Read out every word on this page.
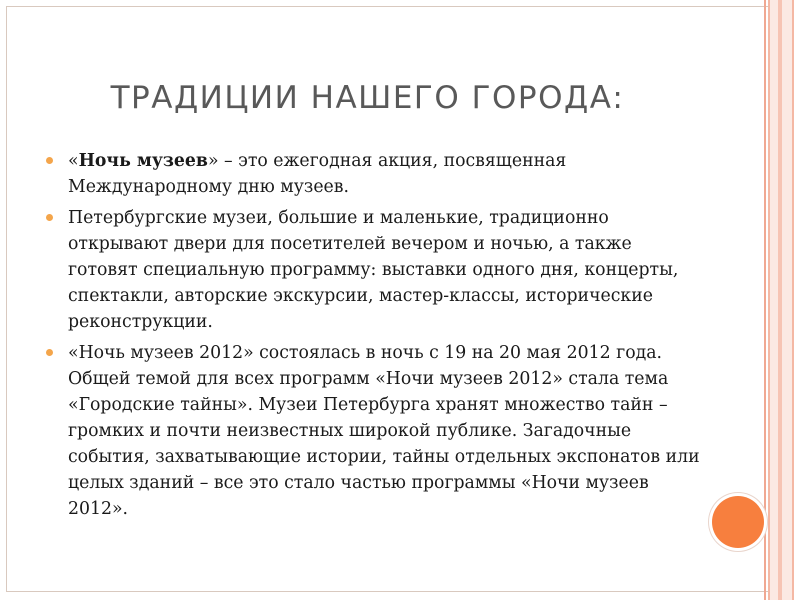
ТРАДИЦИИ НАШЕГО ГОРОДА:
«Ночь музеев» – это ежегодная акция, посвященная Международному дню музеев.
Петербургские музеи, большие и маленькие, традиционно открывают двери для посетителей вечером и ночью, а также готовят специальную программу: выставки одного дня, концерты, спектакли, авторские экскурсии, мастер-классы, исторические реконструкции.
«Ночь музеев 2012» состоялась в ночь с 19 на 20 мая 2012 года. Общей темой для всех программ «Ночи музеев 2012» стала тема «Городские тайны». Музеи Петербурга хранят множество тайн – громких и почти неизвестных широкой публике. Загадочные события, захватывающие истории, тайны отдельных экспонатов или целых зданий – все это стало частью программы «Ночи музеев 2012».
